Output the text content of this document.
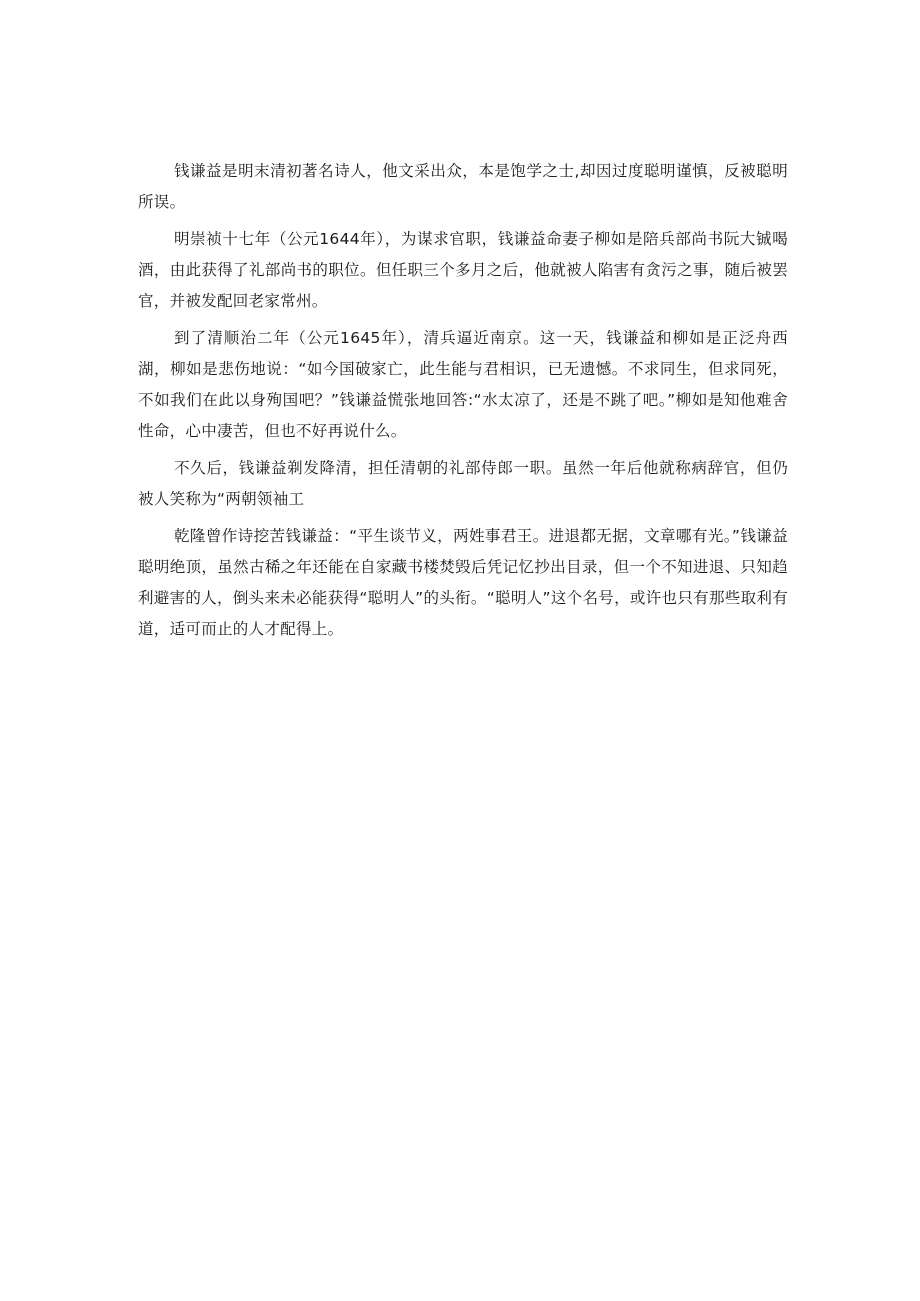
钱谦益是明末清初著名诗人，他文采出众，本是饱学之士,却因过度聪明谨慎，反被聪明所误。

明崇祯十七年（公元1644年），为谋求官职，钱谦益命妻子柳如是陪兵部尚书阮大铖喝酒，由此获得了礼部尚书的职位。但任职三个多月之后，他就被人陷害有贪污之事，随后被罢官，并被发配回老家常州。

到了清顺治二年（公元1645年），清兵逼近南京。这一天，钱谦益和柳如是正泛舟西湖，柳如是悲伤地说：“如今国破家亡，此生能与君相识，已无遗憾。不求同生，但求同死，不如我们在此以身殉国吧？”钱谦益慌张地回答:“水太凉了，还是不跳了吧。”柳如是知他难舍性命，心中凄苦，但也不好再说什么。

不久后，钱谦益剃发降清，担任清朝的礼部侍郎一职。虽然一年后他就称病辞官，但仍被人笑称为“两朝领袖工

乾隆曾作诗挖苦钱谦益：“平生谈节义，两姓事君王。进退都无据，文章哪有光。”钱谦益聪明绝顶，虽然古稀之年还能在自家藏书楼焚毁后凭记忆抄出目录，但一个不知进退、只知趋利避害的人，倒头来未必能获得“聪明人”的头衔。“聪明人”这个名号，或许也只有那些取利有道，适可而止的人才配得上。
